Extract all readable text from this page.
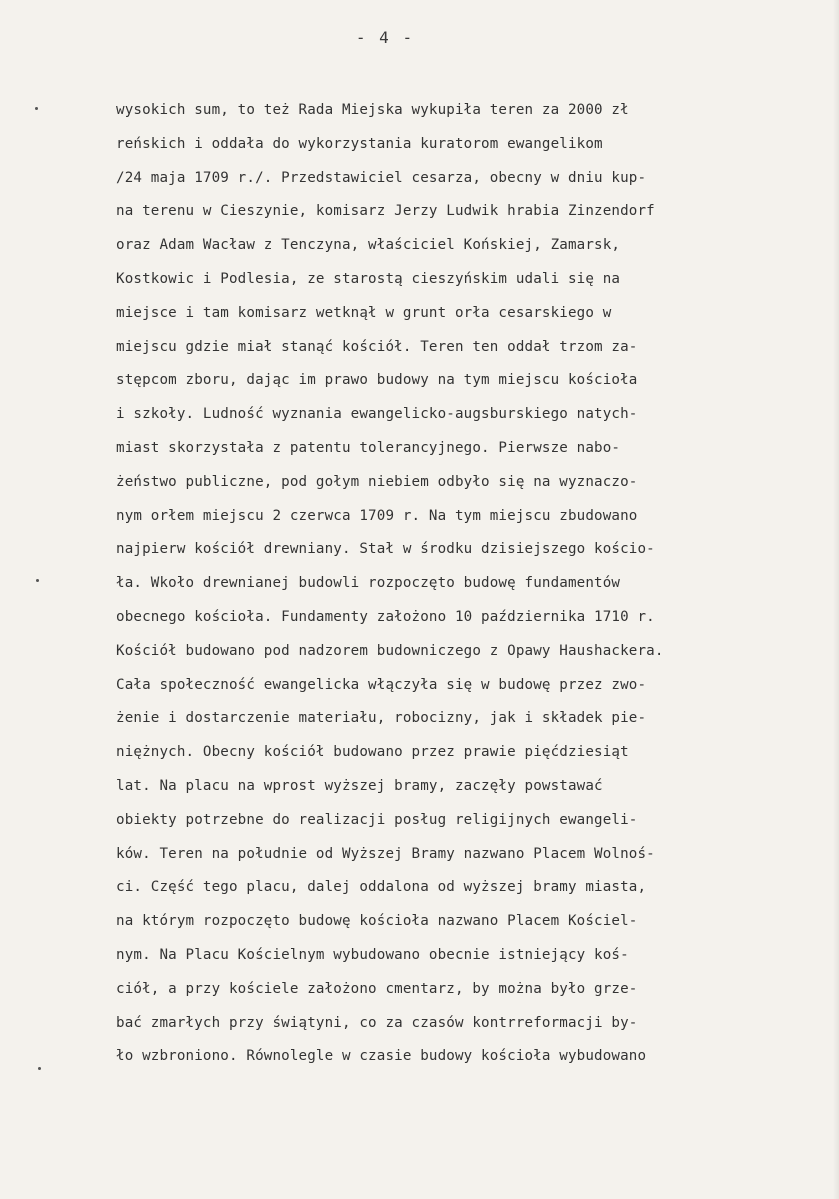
- 4 -
wysokich sum, to też Rada Miejska wykupiła teren za 2000 zł
reńskich i oddała do wykorzystania kuratorom ewangelikom
/24 maja 1709 r./. Przedstawiciel cesarza, obecny w dniu kup-
na terenu w Cieszynie, komisarz Jerzy Ludwik hrabia Zinzendorf
oraz Adam Wacław z Tenczyna, właściciel Końskiej, Zamarsk,
Kostkowic i Podlesia, ze starostą cieszyńskim udali się na
miejsce i tam komisarz wetknął w grunt orła cesarskiego w
miejscu gdzie miał stanąć kościół. Teren ten oddał trzom za-
stępcom zboru, dając im prawo budowy na tym miejscu kościoła
i szkoły. Ludność wyznania ewangelicko-augsburskiego natych-
miast skorzystała z patentu tolerancyjnego. Pierwsze nabo-
żeństwo publiczne, pod gołym niebiem odbyło się na wyznaczo-
nym orłem miejscu 2 czerwca 1709 r. Na tym miejscu zbudowano
najpierw kościół drewniany. Stał w środku dzisiejszego kościo-
ła. Wkoło drewnianej budowli rozpoczęto budowę fundamentów
obecnego kościoła. Fundamenty założono 10 października 1710 r.
Kościół budowano pod nadzorem budowniczego z Opawy Haushackera.
Cała społeczność ewangelicka włączyła się w budowę przez zwo-
żenie i dostarczenie materiału, robocizny, jak i składek pie-
niężnych. Obecny kościół budowano przez prawie pięćdziesiąt
lat. Na placu na wprost wyższej bramy, zaczęły powstawać
obiekty potrzebne do realizacji posług religijnych ewangeli-
ków. Teren na południe od Wyższej Bramy nazwano Placem Wolnoś-
ci. Część tego placu, dalej oddalona od wyższej bramy miasta,
na którym rozpoczęto budowę kościoła nazwano Placem Kościel-
nym. Na Placu Kościelnym wybudowano obecnie istniejący koś-
ciół, a przy kościele założono cmentarz, by można było grze-
bać zmarłych przy świątyni, co za czasów kontrreformacji by-
ło wzbroniono. Równolegle w czasie budowy kościoła wybudowano
